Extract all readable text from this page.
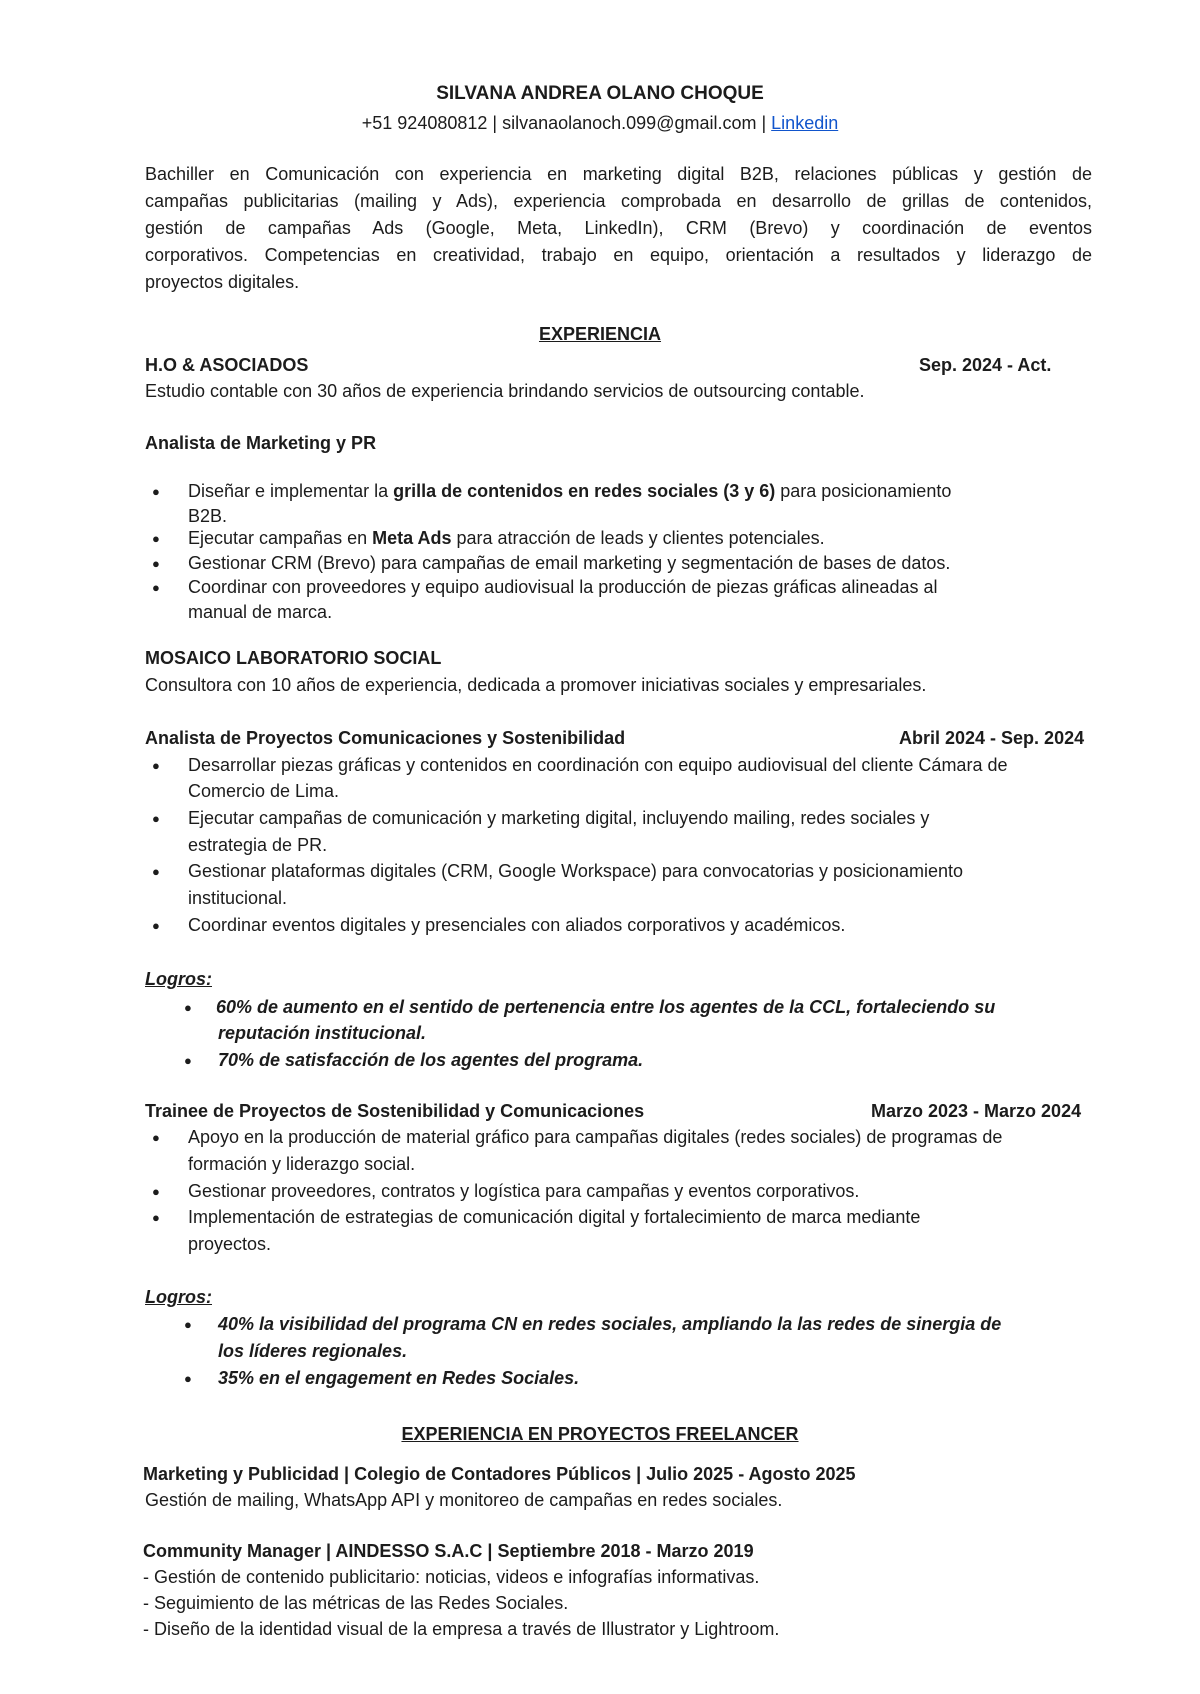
SILVANA ANDREA OLANO CHOQUE
+51 924080812 | silvanaolanoch.099@gmail.com | Linkedin
Bachiller en Comunicación con experiencia en marketing digital B2B, relaciones públicas y gestión de
campañas publicitarias (mailing y Ads), experiencia comprobada en desarrollo de grillas de contenidos,
gestión de campañas Ads (Google, Meta, LinkedIn), CRM (Brevo) y coordinación de eventos
corporativos. Competencias en creatividad, trabajo en equipo, orientación a resultados y liderazgo de
proyectos digitales.
EXPERIENCIA
H.O & ASOCIADOS	Sep. 2024 - Act.
Estudio contable con 30 años de experiencia brindando servicios de outsourcing contable.
Analista de Marketing y PR
● Diseñar e implementar la grilla de contenidos en redes sociales (3 y 6) para posicionamiento
B2B.
● Ejecutar campañas en Meta Ads para atracción de leads y clientes potenciales.
● Gestionar CRM (Brevo) para campañas de email marketing y segmentación de bases de datos.
● Coordinar con proveedores y equipo audiovisual la producción de piezas gráficas alineadas al
manual de marca.
MOSAICO LABORATORIO SOCIAL
Consultora con 10 años de experiencia, dedicada a promover iniciativas sociales y empresariales.
Analista de Proyectos Comunicaciones y Sostenibilidad	Abril 2024 - Sep. 2024
● Desarrollar piezas gráficas y contenidos en coordinación con equipo audiovisual del cliente Cámara de
Comercio de Lima.
● Ejecutar campañas de comunicación y marketing digital, incluyendo mailing, redes sociales y
estrategia de PR.
● Gestionar plataformas digitales (CRM, Google Workspace) para convocatorias y posicionamiento
institucional.
● Coordinar eventos digitales y presenciales con aliados corporativos y académicos.
Logros:
● 60% de aumento en el sentido de pertenencia entre los agentes de la CCL, fortaleciendo su
reputación institucional.
● 70% de satisfacción de los agentes del programa.
Trainee de Proyectos de Sostenibilidad y Comunicaciones	Marzo 2023 - Marzo 2024
● Apoyo en la producción de material gráfico para campañas digitales (redes sociales) de programas de
formación y liderazgo social.
● Gestionar proveedores, contratos y logística para campañas y eventos corporativos.
● Implementación de estrategias de comunicación digital y fortalecimiento de marca mediante
proyectos.
Logros:
● 40% la visibilidad del programa CN en redes sociales, ampliando la las redes de sinergia de
los líderes regionales.
● 35% en el engagement en Redes Sociales.
EXPERIENCIA EN PROYECTOS FREELANCER
Marketing y Publicidad | Colegio de Contadores Públicos | Julio 2025 - Agosto 2025
Gestión de mailing, WhatsApp API y monitoreo de campañas en redes sociales.
Community Manager | AINDESSO S.A.C | Septiembre 2018 - Marzo 2019
- Gestión de contenido publicitario: noticias, videos e infografías informativas.
- Seguimiento de las métricas de las Redes Sociales.
- Diseño de la identidad visual de la empresa a través de Illustrator y Lightroom.
